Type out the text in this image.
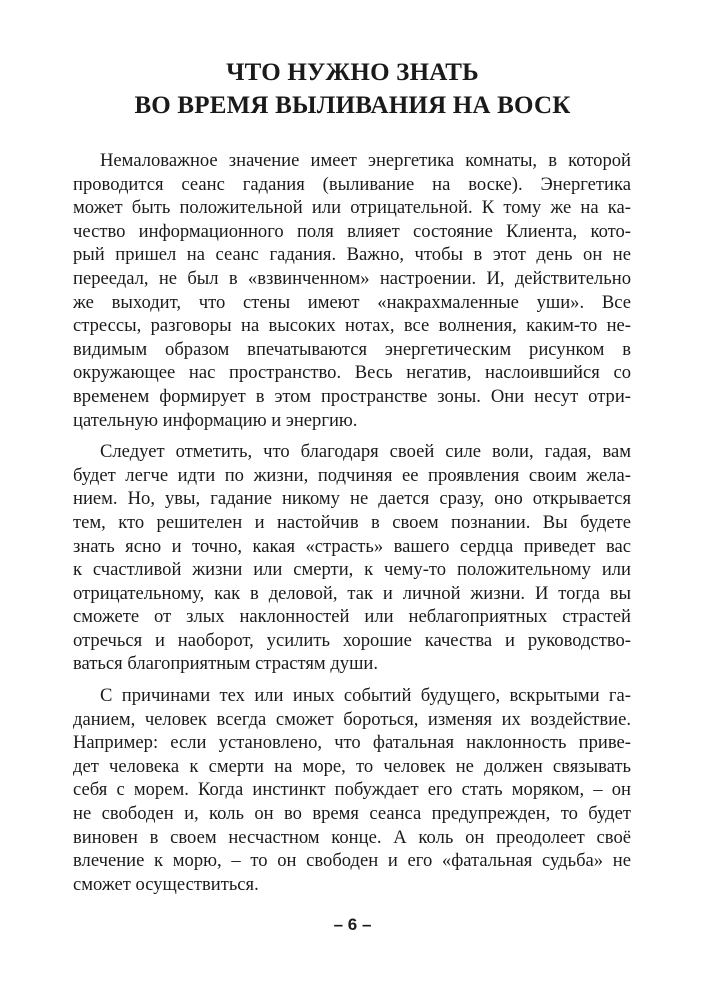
ЧТО НУЖНО ЗНАТЬ
ВО ВРЕМЯ ВЫЛИВАНИЯ НА ВОСК

Немаловажное значение имеет энергетика комнаты, в которой
проводится сеанс гадания (выливание на воске). Энергетика
может быть положительной или отрицательной. К тому же на ка-
чество информационного поля влияет состояние Клиента, кото-
рый пришел на сеанс гадания. Важно, чтобы в этот день он не
переедал, не был в «взвинченном» настроении. И, действительно
же выходит, что стены имеют «накрахмаленные уши». Все
стрессы, разговоры на высоких нотах, все волнения, каким-то не-
видимым образом впечатываются энергетическим рисунком в
окружающее нас пространство. Весь негатив, наслоившийся со
временем формирует в этом пространстве зоны. Они несут отри-
цательную информацию и энергию.

Следует отметить, что благодаря своей силе воли, гадая, вам
будет легче идти по жизни, подчиняя ее проявления своим жела-
нием. Но, увы, гадание никому не дается сразу, оно открывается
тем, кто решителен и настойчив в своем познании. Вы будете
знать ясно и точно, какая «страсть» вашего сердца приведет вас
к счастливой жизни или смерти, к чему-то положительному или
отрицательному, как в деловой, так и личной жизни. И тогда вы
сможете от злых наклонностей или неблагоприятных страстей
отречься и наоборот, усилить хорошие качества и руководство-
ваться благоприятным страстям души.

С причинами тех или иных событий будущего, вскрытыми га-
данием, человек всегда сможет бороться, изменяя их воздействие.
Например: если установлено, что фатальная наклонность приве-
дет человека к смерти на море, то человек не должен связывать
себя с морем. Когда инстинкт побуждает его стать моряком, – он
не свободен и, коль он во время сеанса предупрежден, то будет
виновен в своем несчастном конце. А коль он преодолеет своё
влечение к морю, – то он свободен и его «фатальная судьба» не
сможет осуществиться.

– 6 –
